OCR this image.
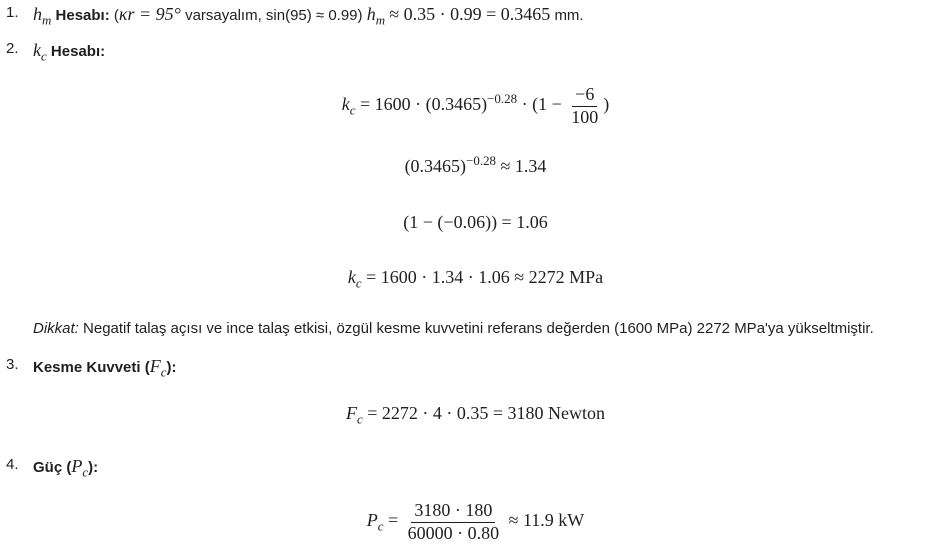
1. $h_m$ Hesabı: (κr = 95° varsayalım, sin(95) ≈ 0.99) $h_m \approx 0.35 \cdot 0.99 = 0.3465$ mm.
2. $k_c$ Hesabı:
$k_c = 1600 \cdot (0.3465)^{-0.28} \cdot (1 - \frac{-6}{100}$ )
$(0.3465)^{-0.28} \approx 1.34$
(1 − (−0.06)) = 1.06
$k_c = 1600 \cdot 1.34 \cdot 1.06 \approx 2272$ MPa
Dikkat: Negatif talaş açısı ve ince talaş etkisi, özgül kesme kuvvetini referans değerden (1600 MPa) 2272 MPa'ya yükseltmiştir.
3. Kesme Kuvveti $(F_c)$:
$F_c = 2272 \cdot 4 \cdot 0.35 = 3180$ Newton
4. Güç $(P_c)$:
$P_c = \frac{3180 \cdot 180}{60000 \cdot 0.80} \approx 11.9$ kW
